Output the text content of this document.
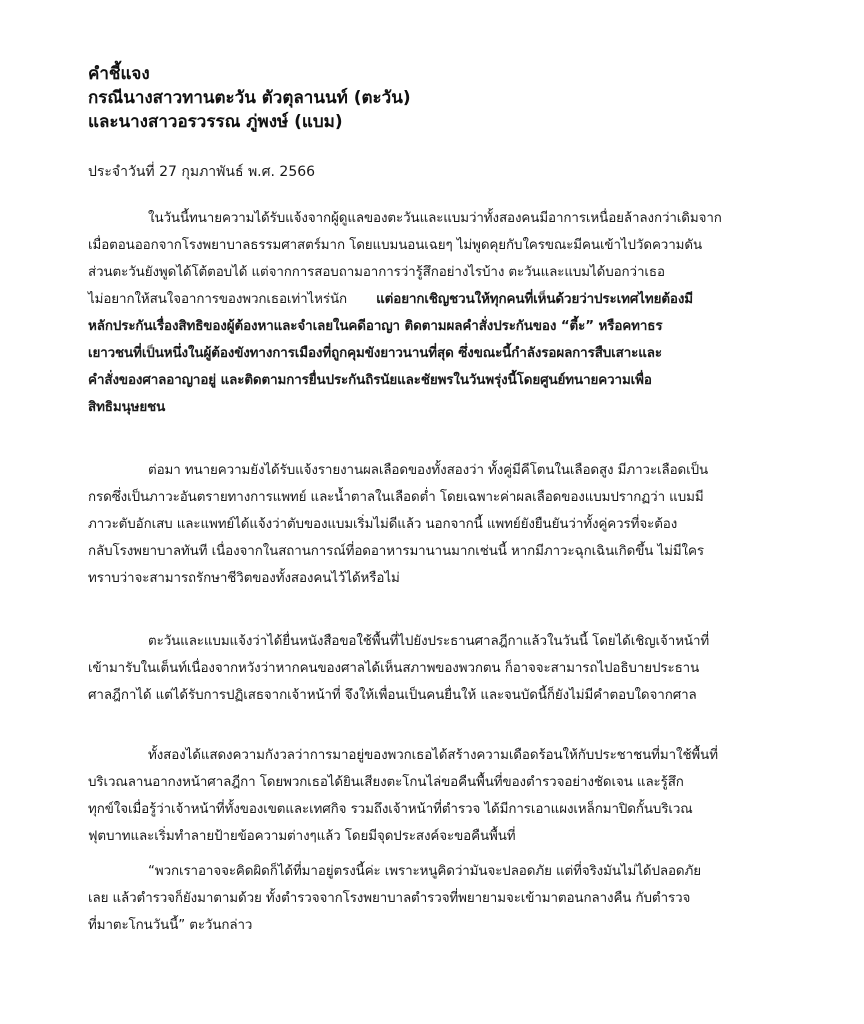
คำชี้แจง
กรณีนางสาวทานตะวัน ตัวตุลานนท์ (ตะวัน)
และนางสาวอรวรรณ ภู่พงษ์ (แบม)
ประจำวันที่ 27 กุมภาพันธ์ พ.ศ. 2566
ในวันนี้ทนายความได้รับแจ้งจากผู้ดูแลของตะวันและแบมว่าทั้งสองคนมีอาการเหนื่อยล้าลงกว่าเดิมจาก
เมื่อตอนออกจากโรงพยาบาลธรรมศาสตร์มาก โดยแบมนอนเฉยๆ ไม่พูดคุยกับใครขณะมีคนเข้าไปวัดความดัน
ส่วนตะวันยังพูดได้โต้ตอบได้ แต่จากการสอบถามอาการว่ารู้สึกอย่างไรบ้าง ตะวันและแบมได้บอกว่าเธอ
ไม่อยากให้สนใจอาการของพวกเธอเท่าไหร่นัก       แต่อยากเชิญชวนให้ทุกคนที่เห็นด้วยว่าประเทศไทยต้องมี
หลักประกันเรื่องสิทธิของผู้ต้องหาและจำเลยในคดีอาญา ติดตามผลคำสั่งประกันของ “ตี้ะ” หรือคทาธร
เยาวชนที่เป็นหนึ่งในผู้ต้องขังทางการเมืองที่ถูกคุมขังยาวนานที่สุด ซึ่งขณะนี้กำลังรอผลการสืบเสาะและ
คำสั่งของศาลอาญาอยู่ และติดตามการยื่นประกันถิรนัยและชัยพรในวันพรุ่งนี้โดยศูนย์ทนายความเพื่อ
สิทธิมนุษยชน
ต่อมา ทนายความยังได้รับแจ้งรายงานผลเลือดของทั้งสองว่า ทั้งคู่มีคีโตนในเลือดสูง มีภาวะเลือดเป็น
กรดซึ่งเป็นภาวะอันตรายทางการแพทย์ และน้ำตาลในเลือดต่ำ โดยเฉพาะค่าผลเลือดของแบมปรากฏว่า แบมมี
ภาวะตับอักเสบ และแพทย์ได้แจ้งว่าตับของแบมเริ่มไม่ดีแล้ว นอกจากนี้ แพทย์ยังยืนยันว่าทั้งคู่ควรที่จะต้อง
กลับโรงพยาบาลทันที เนื่องจากในสถานการณ์ที่อดอาหารมานานมากเช่นนี้ หากมีภาวะฉุกเฉินเกิดขึ้น ไม่มีใคร
ทราบว่าจะสามารถรักษาชีวิตของทั้งสองคนไว้ได้หรือไม่
ตะวันและแบมแจ้งว่าได้ยื่นหนังสือขอใช้พื้นที่ไปยังประธานศาลฎีกาแล้วในวันนี้ โดยได้เชิญเจ้าหน้าที่
เข้ามารับในเต็นท์เนื่องจากหวังว่าหากคนของศาลได้เห็นสภาพของพวกตน ก็อาจจะสามารถไปอธิบายประธาน
ศาลฎีกาได้ แต่ได้รับการปฏิเสธจากเจ้าหน้าที่ จึงให้เพื่อนเป็นคนยื่นให้ และจนบัดนี้ก็ยังไม่มีคำตอบใดจากศาล
ทั้งสองได้แสดงความกังวลว่าการมาอยู่ของพวกเธอได้สร้างความเดือดร้อนให้กับประชาชนที่มาใช้พื้นที่
บริเวณลานอากงหน้าศาลฎีกา โดยพวกเธอได้ยินเสียงตะโกนไล่ขอคืนพื้นที่ของตำรวจอย่างชัดเจน และรู้สึก
ทุกข์ใจเมื่อรู้ว่าเจ้าหน้าที่ทั้งของเขตและเทศกิจ รวมถึงเจ้าหน้าที่ตำรวจ ได้มีการเอาแผงเหล็กมาปิดกั้นบริเวณ
ฟุตบาทและเริ่มทำลายป้ายข้อความต่างๆแล้ว โดยมีจุดประสงค์จะขอคืนพื้นที่
“พวกเราอาจจะคิดผิดก็ได้ที่มาอยู่ตรงนี้ค่ะ เพราะหนูคิดว่ามันจะปลอดภัย แต่ที่จริงมันไม่ได้ปลอดภัย
เลย แล้วตำรวจก็ยังมาตามด้วย ทั้งตำรวจจากโรงพยาบาลตำรวจที่พยายามจะเข้ามาตอนกลางคืน กับตำรวจ
ที่มาตะโกนวันนี้” ตะวันกล่าว
